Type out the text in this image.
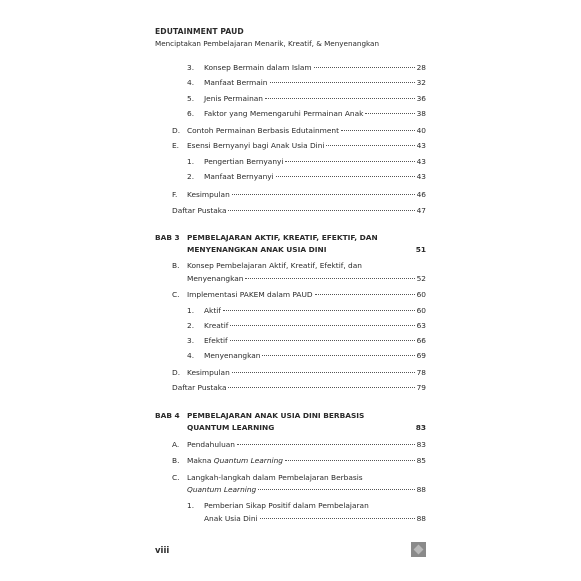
EDUTAINMENT PAUD
Menciptakan Pembelajaran Menarik, Kreatif, & Menyenangkan
3. Konsep Bermain dalam Islam	28
4. Manfaat Bermain	32
5. Jenis Permainan	36
6. Faktor yang Memengaruhi Permainan Anak	38
D. Contoh Permainan Berbasis Edutainment	40
E. Esensi Bernyanyi bagi Anak Usia Dini	43
1. Pengertian Bernyanyi	43
2. Manfaat Bernyanyi	43
F. Kesimpulan	46
Daftar Pustaka	47
BAB 3 PEMBELAJARAN AKTIF, KREATIF, EFEKTIF, DAN
MENYENANGKAN ANAK USIA DINI	51
B. Konsep Pembelajaran Aktif, Kreatif, Efektif, dan
Menyenangkan	52
C. Implementasi PAKEM dalam PAUD	60
1. Aktif	60
2. Kreatif	63
3. Efektif	66
4. Menyenangkan	69
D. Kesimpulan	78
Daftar Pustaka	79
BAB 4 PEMBELAJARAN ANAK USIA DINI BERBASIS
QUANTUM LEARNING	83
A. Pendahuluan	83
B. Makna Quantum Learning	85
C. Langkah-langkah dalam Pembelajaran Berbasis
Quantum Learning	88
1. Pemberian Sikap Positif dalam Pembelajaran
Anak Usia Dini	88
viii
